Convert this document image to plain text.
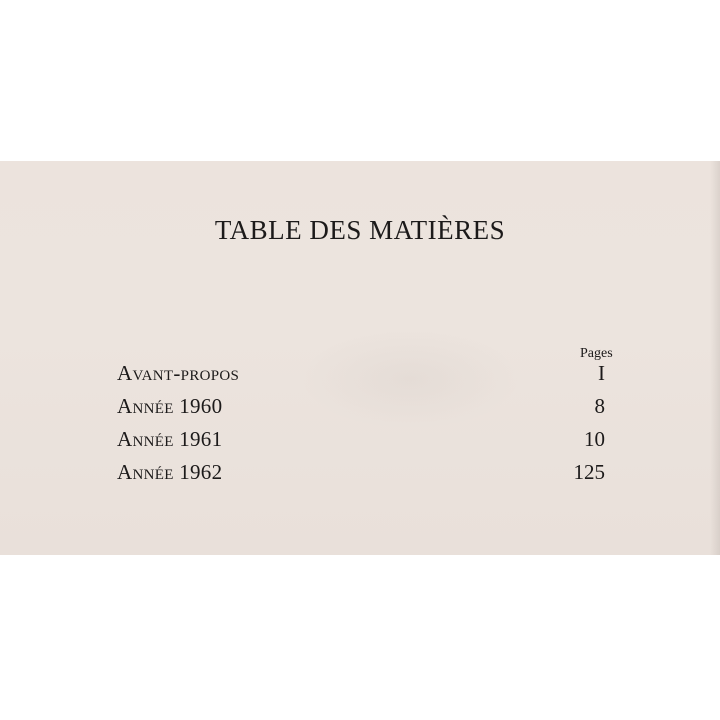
TABLE DES MATIÈRES
Pages
Avant-propos	I
Année 1960	8
Année 1961	10
Année 1962	125
